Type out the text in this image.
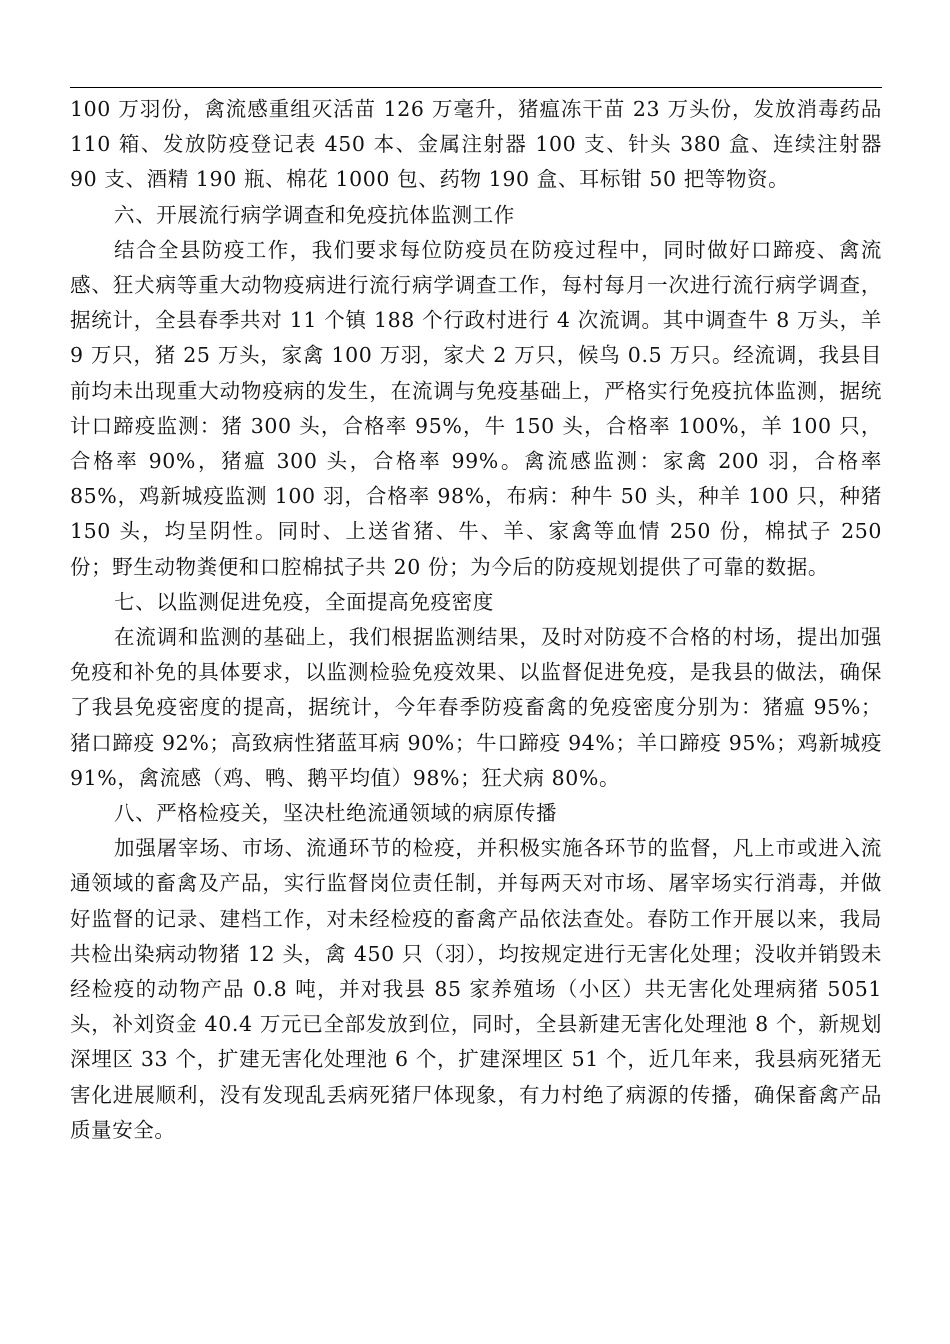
100 万羽份，禽流感重组灭活苗 126 万毫升，猪瘟冻干苗 23 万头份，发放消毒药品 110 箱、发放防疫登记表 450 本、金属注射器 100 支、针头 380 盒、连续注射器 90 支、酒精 190 瓶、棉花 1000 包、药物 190 盒、耳标钳 50 把等物资。

六、开展流行病学调查和免疫抗体监测工作

结合全县防疫工作，我们要求每位防疫员在防疫过程中，同时做好口蹄疫、禽流感、狂犬病等重大动物疫病进行流行病学调查工作，每村每月一次进行流行病学调查，据统计，全县春季共对 11 个镇 188 个行政村进行 4 次流调。其中调查牛 8 万头，羊 9 万只，猪 25 万头，家禽 100 万羽，家犬 2 万只，候鸟 0.5 万只。经流调，我县目前均未出现重大动物疫病的发生，在流调与免疫基础上，严格实行免疫抗体监测，据统计口蹄疫监测：猪 300 头，合格率 95%，牛 150 头，合格率 100%，羊 100 只，合格率 90%，猪瘟 300 头，合格率 99%。禽流感监测：家禽 200 羽，合格率 85%，鸡新城疫监测 100 羽，合格率 98%，布病：种牛 50 头，种羊 100 只，种猪 150 头，均呈阴性。同时、上送省猪、牛、羊、家禽等血情 250 份，棉拭子 250 份；野生动物粪便和口腔棉拭子共 20 份；为今后的防疫规划提供了可靠的数据。

七、以监测促进免疫，全面提高免疫密度

在流调和监测的基础上，我们根据监测结果，及时对防疫不合格的村场，提出加强免疫和补免的具体要求，以监测检验免疫效果、以监督促进免疫，是我县的做法，确保了我县免疫密度的提高，据统计，今年春季防疫畜禽的免疫密度分别为：猪瘟 95%；猪口蹄疫 92%；高致病性猪蓝耳病 90%；牛口蹄疫 94%；羊口蹄疫 95%；鸡新城疫 91%，禽流感（鸡、鸭、鹅平均值）98%；狂犬病 80%。

八、严格检疫关，坚决杜绝流通领域的病原传播

加强屠宰场、市场、流通环节的检疫，并积极实施各环节的监督，凡上市或进入流通领域的畜禽及产品，实行监督岗位责任制，并每两天对市场、屠宰场实行消毒，并做好监督的记录、建档工作，对未经检疫的畜禽产品依法查处。春防工作开展以来，我局共检出染病动物猪 12 头，禽 450 只（羽），均按规定进行无害化处理；没收并销毁未经检疫的动物产品 0.8 吨，并对我县 85 家养殖场（小区）共无害化处理病猪 5051 头，补刘资金 40.4 万元已全部发放到位，同时，全县新建无害化处理池 8 个，新规划深埋区 33 个，扩建无害化处理池 6 个，扩建深埋区 51 个，近几年来，我县病死猪无害化进展顺利，没有发现乱丢病死猪尸体现象，有力村绝了病源的传播，确保畜禽产品质量安全。
